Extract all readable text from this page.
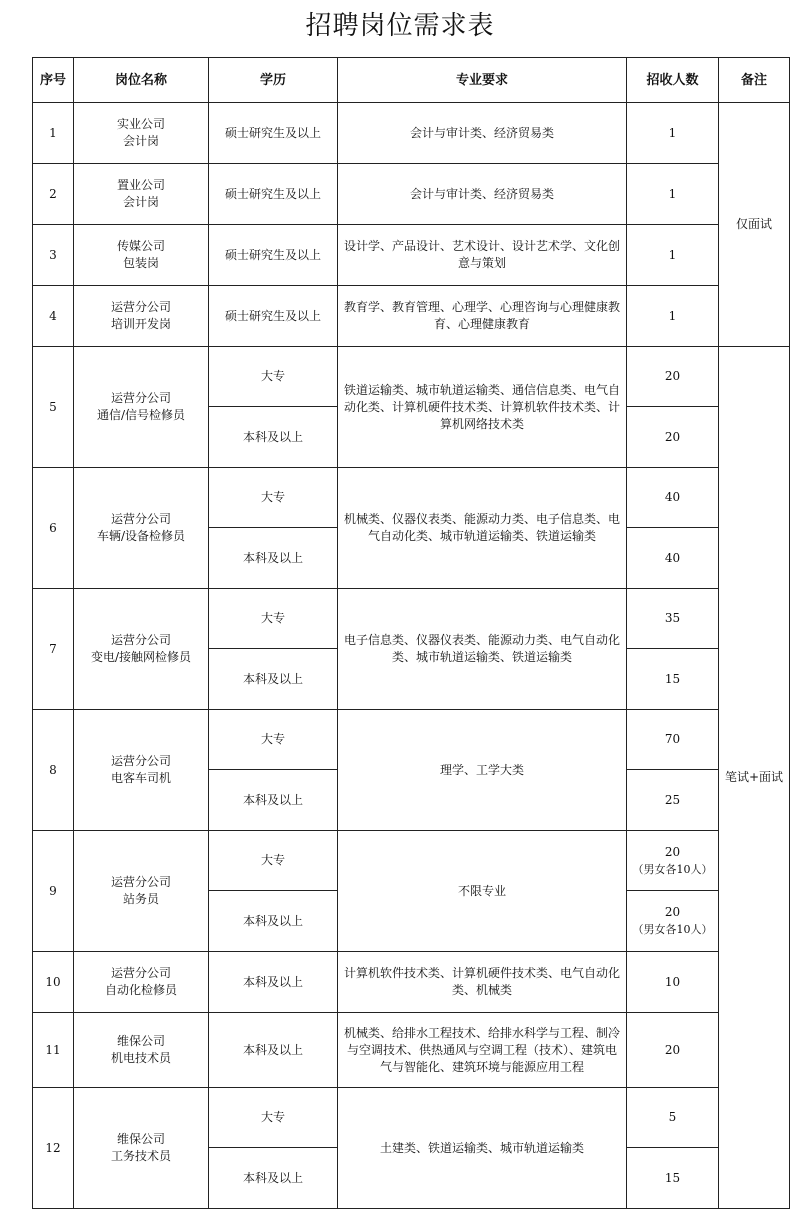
招聘岗位需求表
序号	岗位名称	学历	专业要求	招收人数	备注
1	实业公司
会计岗	硕士研究生及以上	会计与审计类、经济贸易类	1	仅面试
2	置业公司
会计岗	硕士研究生及以上	会计与审计类、经济贸易类	1	
3	传媒公司
包装岗	硕士研究生及以上	设计学、产品设计、艺术设计、设计艺术学、文化创意与策划	1	
4	运营分公司
培训开发岗	硕士研究生及以上	教育学、教育管理、心理学、心理咨询与心理健康教育、心理健康教育	1	
5	运营分公司
通信/信号检修员	大专	铁道运输类、城市轨道运输类、通信信息类、电气自动化类、计算机硬件技术类、计算机软件技术类、计算机网络技术类	20	笔试+面试
		本科及以上		20	
6	运营分公司
车辆/设备检修员	大专	机械类、仪器仪表类、能源动力类、电子信息类、电气自动化类、城市轨道运输类、铁道运输类	40	
		本科及以上		40	
7	运营分公司
变电/接触网检修员	大专	电子信息类、仪器仪表类、能源动力类、电气自动化类、城市轨道运输类、铁道运输类	35	
		本科及以上		15	
8	运营分公司
电客车司机	大专	理学、工学大类	70	
		本科及以上		25	
9	运营分公司
站务员	大专	不限专业	20
（男女各10人）	

		本科及以上		20
（男女各10人）	

10	运营分公司
自动化检修员	本科及以上	计算机软件技术类、计算机硬件技术类、电气自动化类、机械类	10	
11	维保公司
机电技术员	本科及以上	机械类、给排水工程技术、给排水科学与工程、制冷与空调技术、供热通风与空调工程（技术）、建筑电气与智能化、建筑环境与能源应用工程	20	
12	维保公司
工务技术员	大专	土建类、铁道运输类、城市轨道运输类	5	
		本科及以上		15	
